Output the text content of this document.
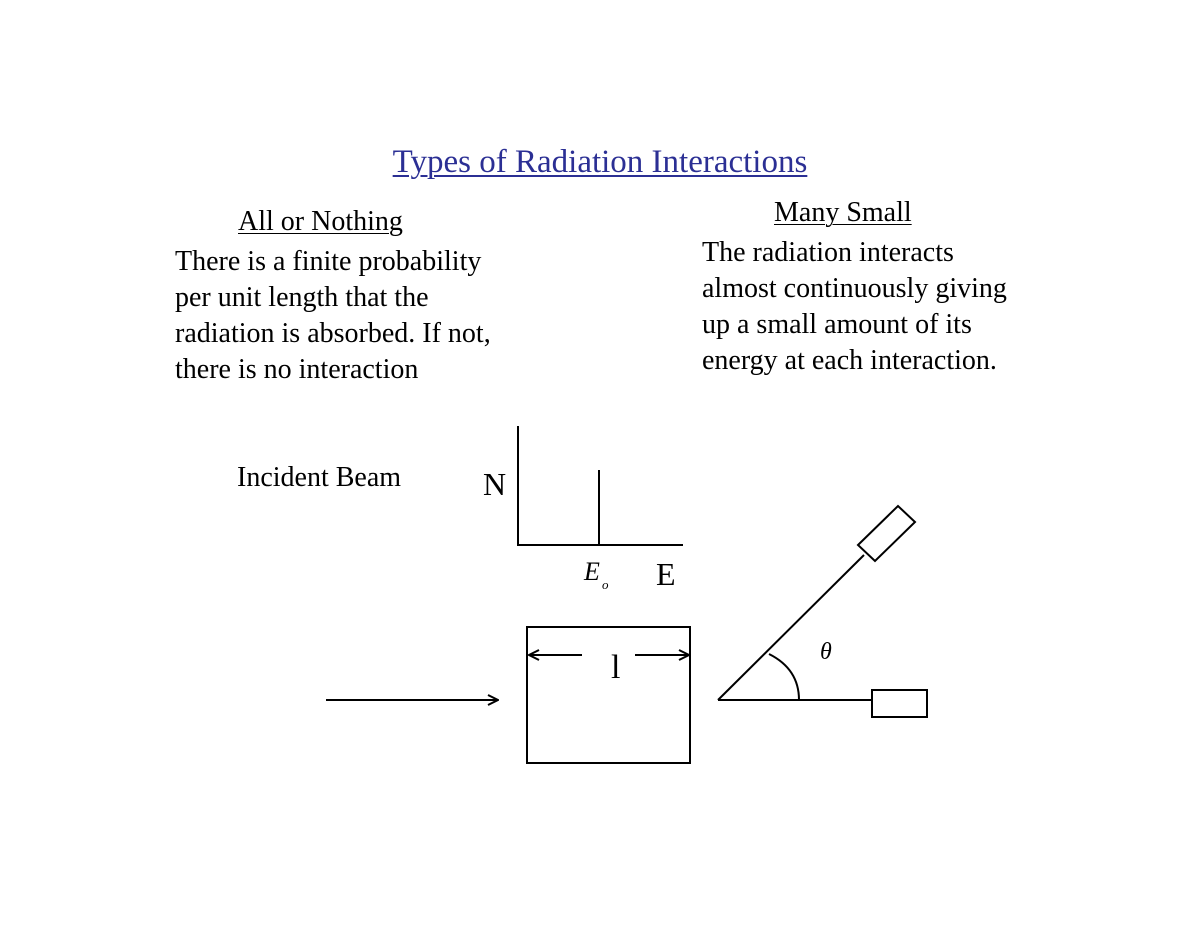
Types of Radiation Interactions
All or Nothing
There is a finite probability
per unit length that the
radiation is absorbed. If not,
there is no interaction
Many Small
The radiation interacts
almost continuously giving
up a small amount of its
energy at each interaction.
Incident Beam	N
E
E o
l	θ
